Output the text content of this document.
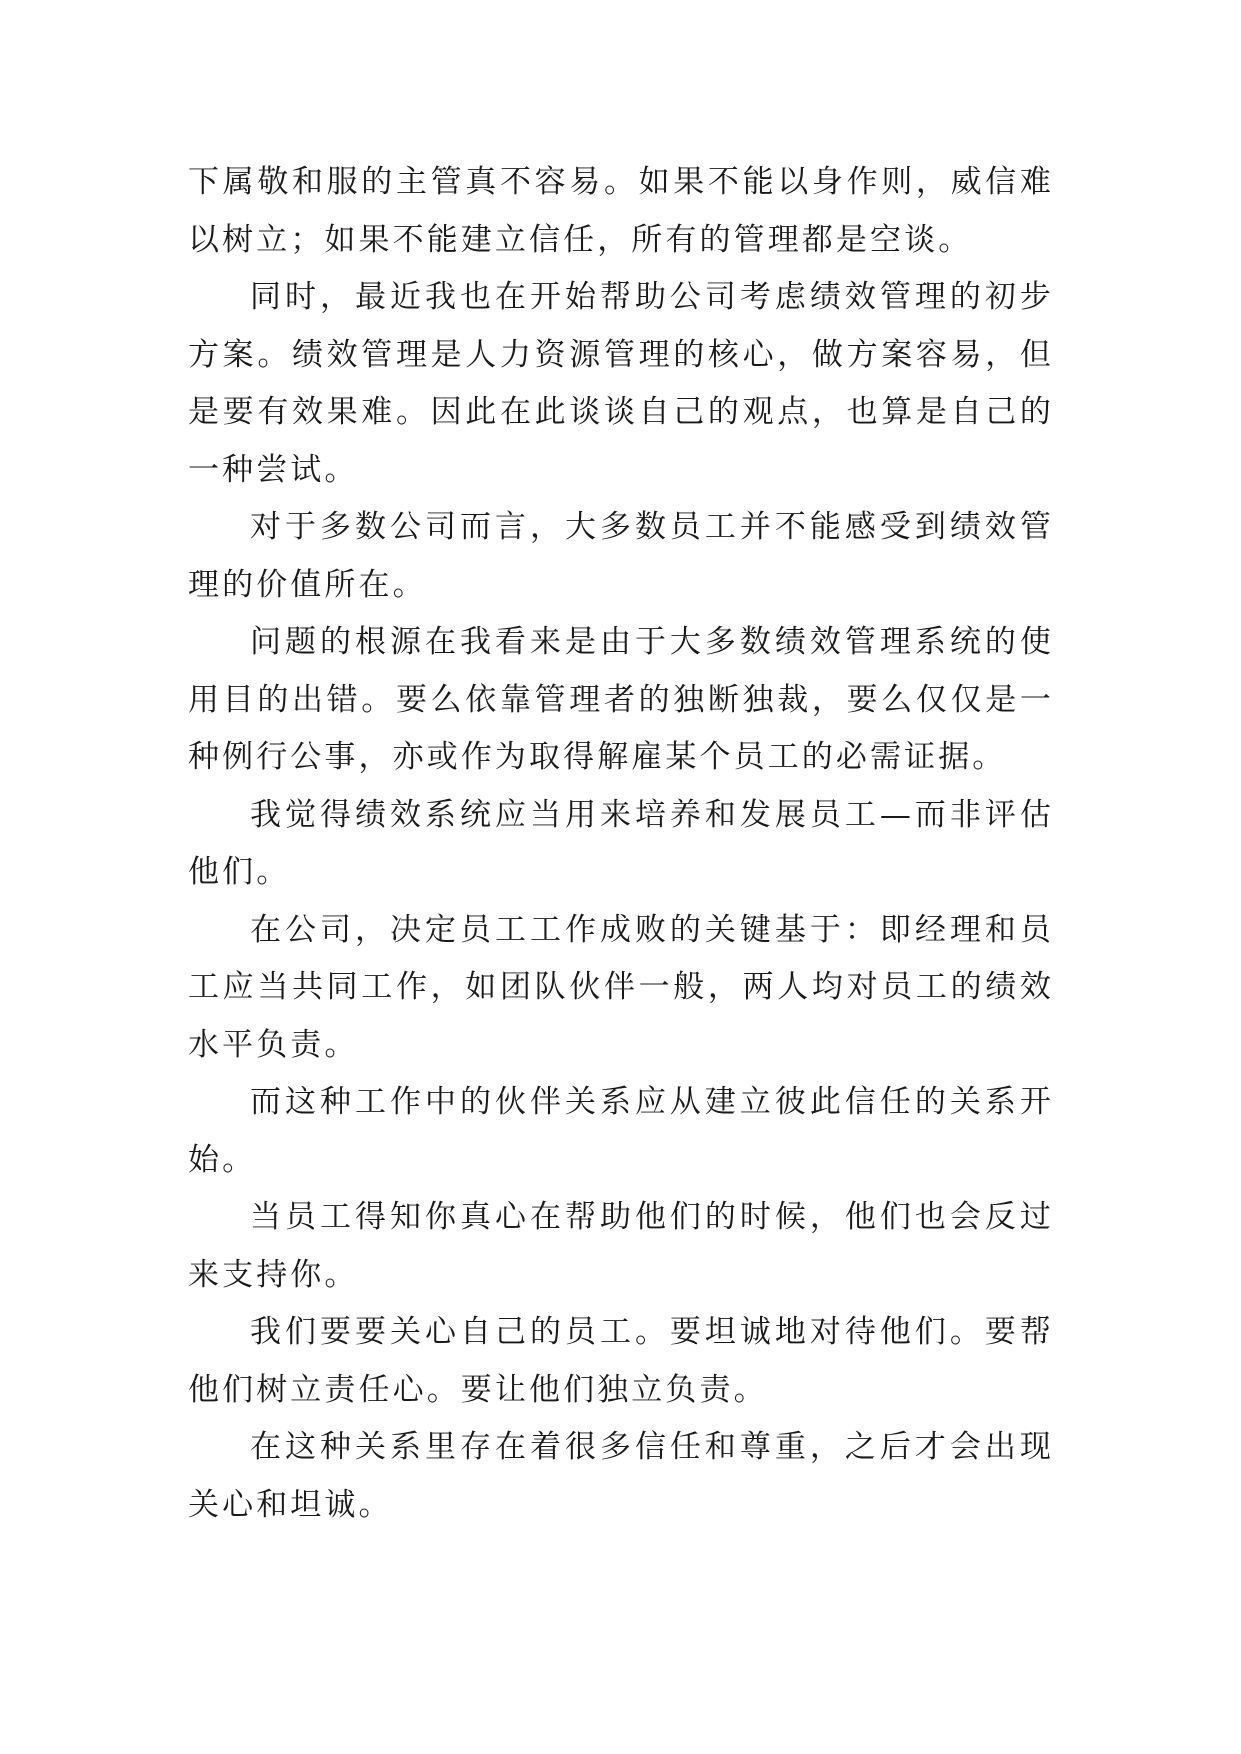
下属敬和服的主管真不容易。如果不能以身作则，威信难以树立；如果不能建立信任，所有的管理都是空谈。

同时，最近我也在开始帮助公司考虑绩效管理的初步方案。绩效管理是人力资源管理的核心，做方案容易，但是要有效果难。因此在此谈谈自己的观点，也算是自己的一种尝试。

对于多数公司而言，大多数员工并不能感受到绩效管理的价值所在。

问题的根源在我看来是由于大多数绩效管理系统的使用目的出错。要么依靠管理者的独断独裁，要么仅仅是一种例行公事，亦或作为取得解雇某个员工的必需证据。

我觉得绩效系统应当用来培养和发展员工—而非评估他们。

在公司，决定员工工作成败的关键基于：即经理和员工应当共同工作，如团队伙伴一般，两人均对员工的绩效水平负责。

而这种工作中的伙伴关系应从建立彼此信任的关系开始。

当员工得知你真心在帮助他们的时候，他们也会反过来支持你。

我们要要关心自己的员工。要坦诚地对待他们。要帮他们树立责任心。要让他们独立负责。

在这种关系里存在着很多信任和尊重，之后才会出现关心和坦诚。
